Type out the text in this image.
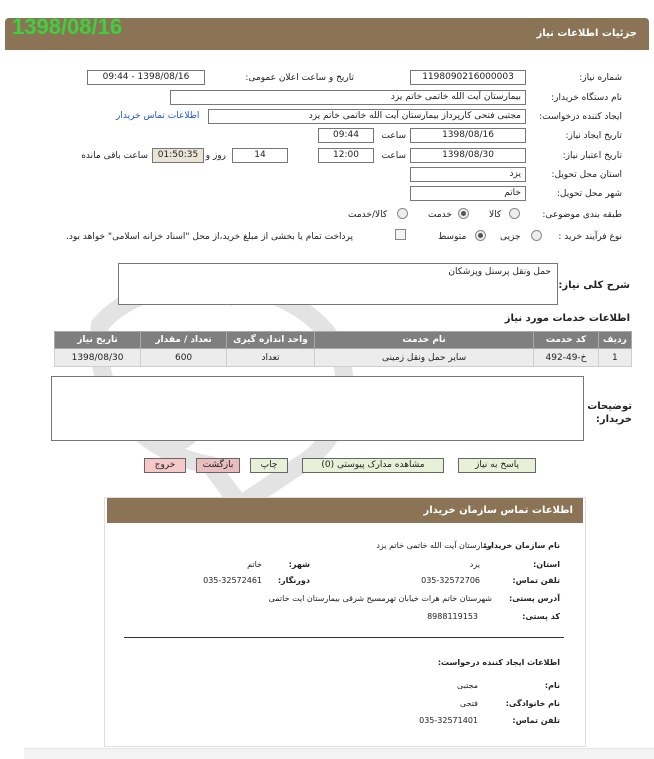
جزئیات اطلاعات نیاز
1398/08/16
شماره نیاز:
1198090216000003
تاریخ و ساعت اعلان عمومی:
1398/08/16 - 09:44
نام دستگاه خریدار:
بیمارستان آیت الله خاتمی خاتم یزد
ایجاد کننده درخواست:
مجتبی فتحی کارپرداز بیمارستان آیت الله خاتمی خاتم یزد
اطلاعات تماس خریدار
تاریخ ایجاد نیاز:
1398/08/16
ساعت
09:44
تاریخ اعتبار نیاز:
1398/08/30
ساعت
12:00
14
روز و
01:50:35
ساعت باقی مانده
استان محل تحویل:
یزد
شهر محل تحویل:
خاتم
طبقه بندی موضوعی:
کالا
خدمت
کالا/خدمت
نوع فرآیند خرید :
جزیی
متوسط
پرداخت تمام یا بخشی از مبلغ خرید،از محل "اسناد خزانه اسلامی" خواهد بود.
شرح کلی نیاز:
حمل ونقل پرسنل وپزشکان
اطلاعات خدمات مورد نیاز
ردیف	کد خدمت	نام خدمت	واحد اندازه گیری	تعداد / مقدار	تاریخ نیاز
1	خ-49-492	سایر حمل ونقل زمینی	تعداد	600	1398/08/30
توضیحات خریدار:
پاسخ به نیاز
مشاهده مدارک پیوستی (0)
چاپ
بازگشت
خروج
اطلاعات تماس سازمان خریدار
نام سازمان خریدار:
بیمارستان آیت الله خاتمی خاتم یزد
استان:
یزد
شهر:
خاتم
تلفن تماس:
035-32572706
دورنگار:
035-32572461
آدرس پستی:
شهرستان خاتم هرات خیابان تهرمسیح شرقی بیمارستان ایت خاتمی
کد پستی:
8988119153
اطلاعات ایجاد کننده درخواست:
نام:
مجتبی
نام خانوادگی:
فتحی
تلفن تماس:
035-32571401
